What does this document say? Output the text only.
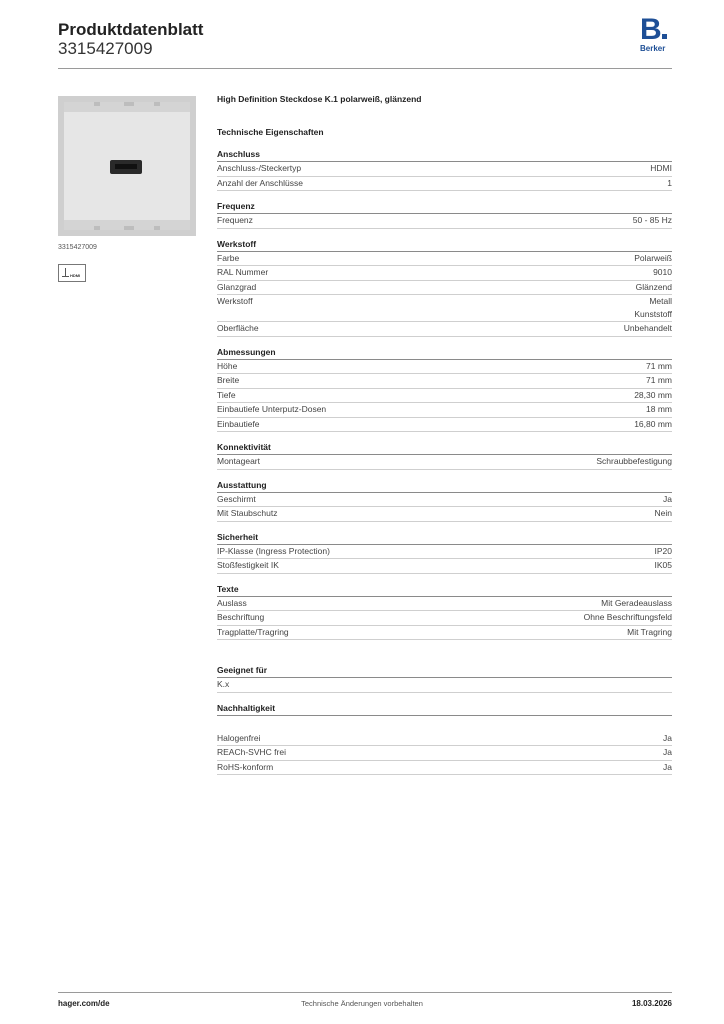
Produktdatenblatt
3315427009
B
Berker
3315427009
HDMI
High Definition Steckdose K.1 polarweiß, glänzend
Technische Eigenschaften
Anschluss
Anschluss-/Steckertyp	HDMI
Anzahl der Anschlüsse	1
Frequenz
Frequenz	50 - 85 Hz
Werkstoff
Farbe	Polarweiß
RAL Nummer	9010
Glanzgrad	Glänzend
Werkstoff	Metall
Kunststoff
Oberfläche	Unbehandelt
Abmessungen
Höhe	71 mm
Breite	71 mm
Tiefe	28,30 mm
Einbautiefe Unterputz-Dosen	18 mm
Einbautiefe	16,80 mm
Konnektivität
Montageart	Schraubbefestigung
Ausstattung
Geschirmt	Ja
Mit Staubschutz	Nein
Sicherheit
IP-Klasse (Ingress Protection)	IP20
Stoßfestigkeit IK	IK05
Texte
Auslass	Mit Geradeauslass
Beschriftung	Ohne Beschriftungsfeld
Tragplatte/Tragring	Mit Tragring
Geeignet für
K.x
Nachhaltigkeit
Halogenfrei	Ja
REACh-SVHC frei	Ja
RoHS-konform	Ja
hager.com/de	Technische Änderungen vorbehalten	18.03.2026
